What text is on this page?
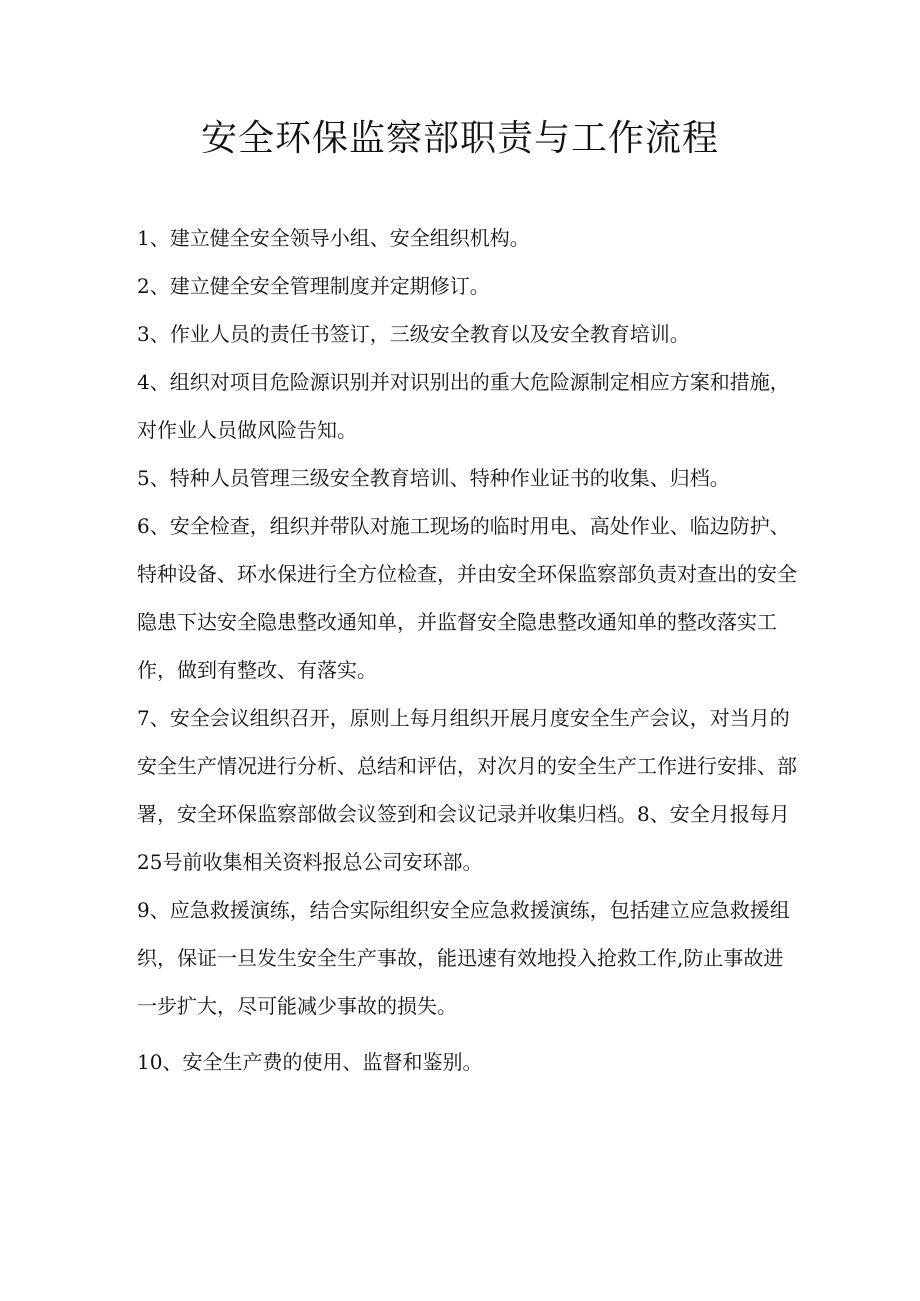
安全环保监察部职责与工作流程

1、建立健全安全领导小组、安全组织机构。

2、建立健全安全管理制度并定期修订。

3、作业人员的责任书签订，三级安全教育以及安全教育培训。

4、组织对项目危险源识别并对识别出的重大危险源制定相应方案和措施，对作业人员做风险告知。

5、特种人员管理三级安全教育培训、特种作业证书的收集、归档。

6、安全检查，组织并带队对施工现场的临时用电、高处作业、临边防护、特种设备、环水保进行全方位检查，并由安全环保监察部负责对查出的安全隐患下达安全隐患整改通知单，并监督安全隐患整改通知单的整改落实工作，做到有整改、有落实。

7、安全会议组织召开，原则上每月组织开展月度安全生产会议，对当月的安全生产情况进行分析、总结和评估，对次月的安全生产工作进行安排、部署，安全环保监察部做会议签到和会议记录并收集归档。8、安全月报每月25号前收集相关资料报总公司安环部。

9、应急救援演练，结合实际组织安全应急救援演练，包括建立应急救援组织，保证一旦发生安全生产事故，能迅速有效地投入抢救工作,防止事故进一步扩大，尽可能减少事故的损失。

10、安全生产费的使用、监督和鉴别。
